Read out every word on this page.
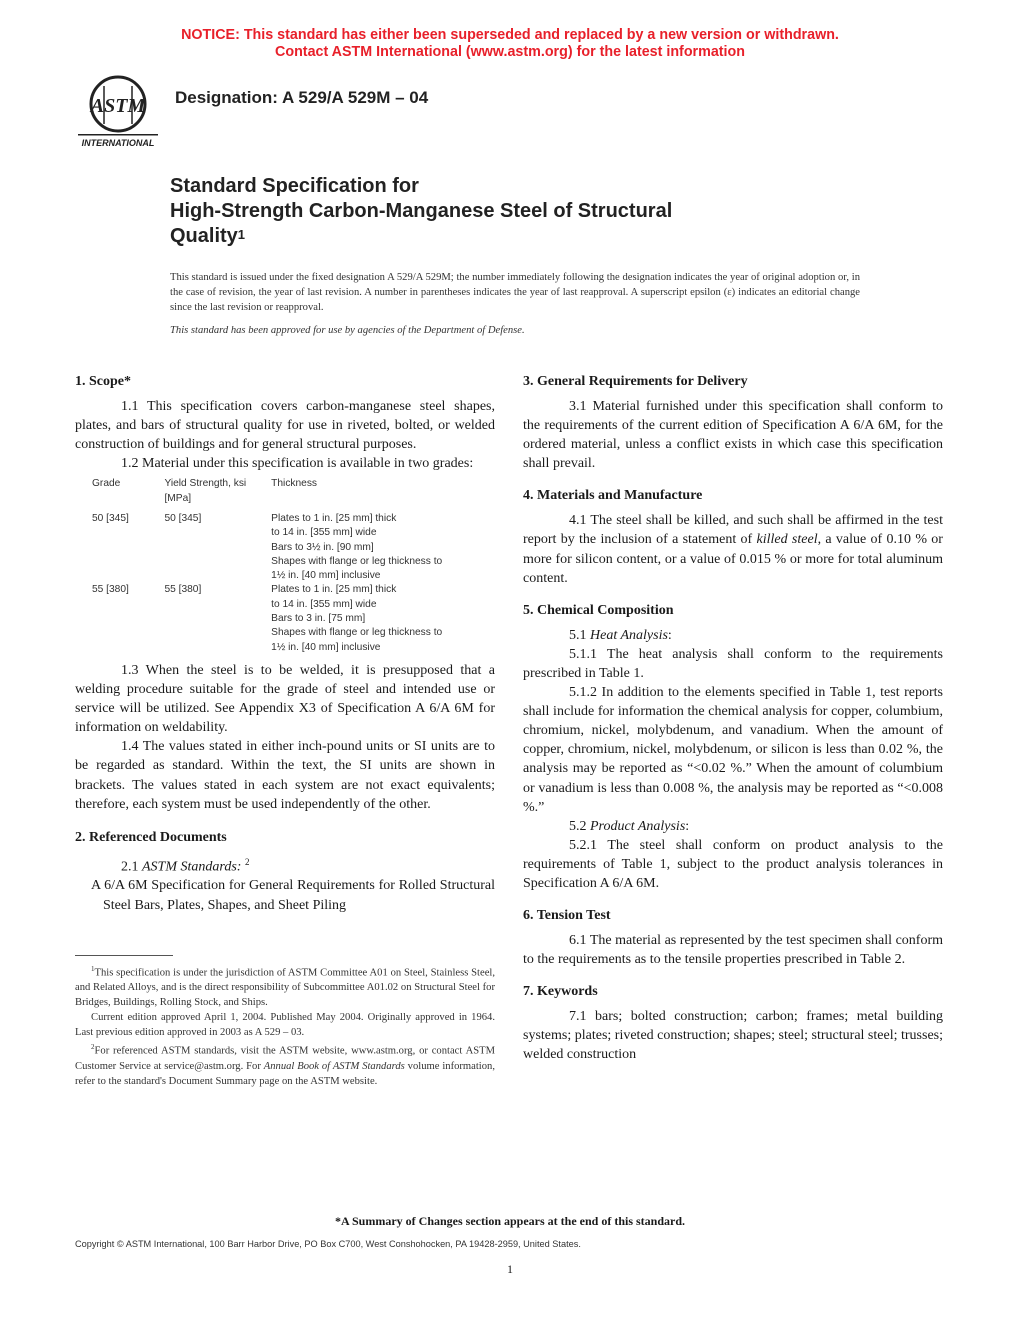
NOTICE: This standard has either been superseded and replaced by a new version or withdrawn.
Contact ASTM International (www.astm.org) for the latest information
ASTM
INTERNATIONAL
Designation: A 529/A 529M – 04
Standard Specification for
High-Strength Carbon-Manganese Steel of Structural
Quality$^1$
This standard is issued under the fixed designation A 529/A 529M; the number immediately following the designation indicates the year of original adoption or, in the case of revision, the year of last revision. A number in parentheses indicates the year of last reapproval. A superscript epsilon (ε) indicates an editorial change since the last revision or reapproval.
This standard has been approved for use by agencies of the Department of Defense.
1. Scope*

1.1 This specification covers carbon-manganese steel shapes, plates, and bars of structural quality for use in riveted, bolted, or welded construction of buildings and for general structural purposes.

1.2 Material under this specification is available in two grades:

Grade	Yield Strength, ksi [MPa]	Thickness

50 [345]	50 [345]	Plates to 1 in. [25 mm] thick
to 14 in. [355 mm] wide
Bars to 3½ in. [90 mm]
Shapes with flange or leg thickness to
1½ in. [40 mm] inclusive

55 [380]	55 [380]	Plates to 1 in. [25 mm] thick
to 14 in. [355 mm] wide
Bars to 3 in. [75 mm]
Shapes with flange or leg thickness to
1½ in. [40 mm] inclusive

1.3 When the steel is to be welded, it is presupposed that a welding procedure suitable for the grade of steel and intended use or service will be utilized. See Appendix X3 of Specification A 6/A 6M for information on weldability.

1.4 The values stated in either inch-pound units or SI units are to be regarded as standard. Within the text, the SI units are shown in brackets. The values stated in each system are not exact equivalents; therefore, each system must be used independently of the other.

2. Referenced Documents

2.1 ASTM Standards: $^2$

A 6/A 6M Specification for General Requirements for Rolled Structural Steel Bars, Plates, Shapes, and Sheet Piling
$^1$This specification is under the jurisdiction of ASTM Committee A01 on Steel, Stainless Steel, and Related Alloys, and is the direct responsibility of Subcommittee A01.02 on Structural Steel for Bridges, Buildings, Rolling Stock, and Ships.
Current edition approved April 1, 2004. Published May 2004. Originally approved in 1964. Last previous edition approved in 2003 as A 529 – 03.
$^2$For referenced ASTM standards, visit the ASTM website, www.astm.org, or contact ASTM Customer Service at service@astm.org. For Annual Book of ASTM Standards volume information, refer to the standard's Document Summary page on the ASTM website.
3. General Requirements for Delivery

3.1 Material furnished under this specification shall conform to the requirements of the current edition of Specification A 6/A 6M, for the ordered material, unless a conflict exists in which case this specification shall prevail.

4. Materials and Manufacture

4.1 The steel shall be killed, and such shall be affirmed in the test report by the inclusion of a statement of killed steel, a value of 0.10 % or more for silicon content, or a value of 0.015 % or more for total aluminum content.

5. Chemical Composition

5.1 Heat Analysis:

5.1.1 The heat analysis shall conform to the requirements prescribed in Table 1.

5.1.2 In addition to the elements specified in Table 1, test reports shall include for information the chemical analysis for copper, columbium, chromium, nickel, molybdenum, and vanadium. When the amount of copper, chromium, nickel, molybdenum, or silicon is less than 0.02 %, the analysis may be reported as “<0.02 %.” When the amount of columbium or vanadium is less than 0.008 %, the analysis may be reported as “<0.008 %.”

5.2 Product Analysis:

5.2.1 The steel shall conform on product analysis to the requirements of Table 1, subject to the product analysis tolerances in Specification A 6/A 6M.

6. Tension Test

6.1 The material as represented by the test specimen shall conform to the requirements as to the tensile properties prescribed in Table 2.

7. Keywords

7.1 bars; bolted construction; carbon; frames; metal building systems; plates; riveted construction; shapes; steel; structural steel; trusses; welded construction

*A Summary of Changes section appears at the end of this standard.
Copyright © ASTM International, 100 Barr Harbor Drive, PO Box C700, West Conshohocken, PA 19428-2959, United States.
1
